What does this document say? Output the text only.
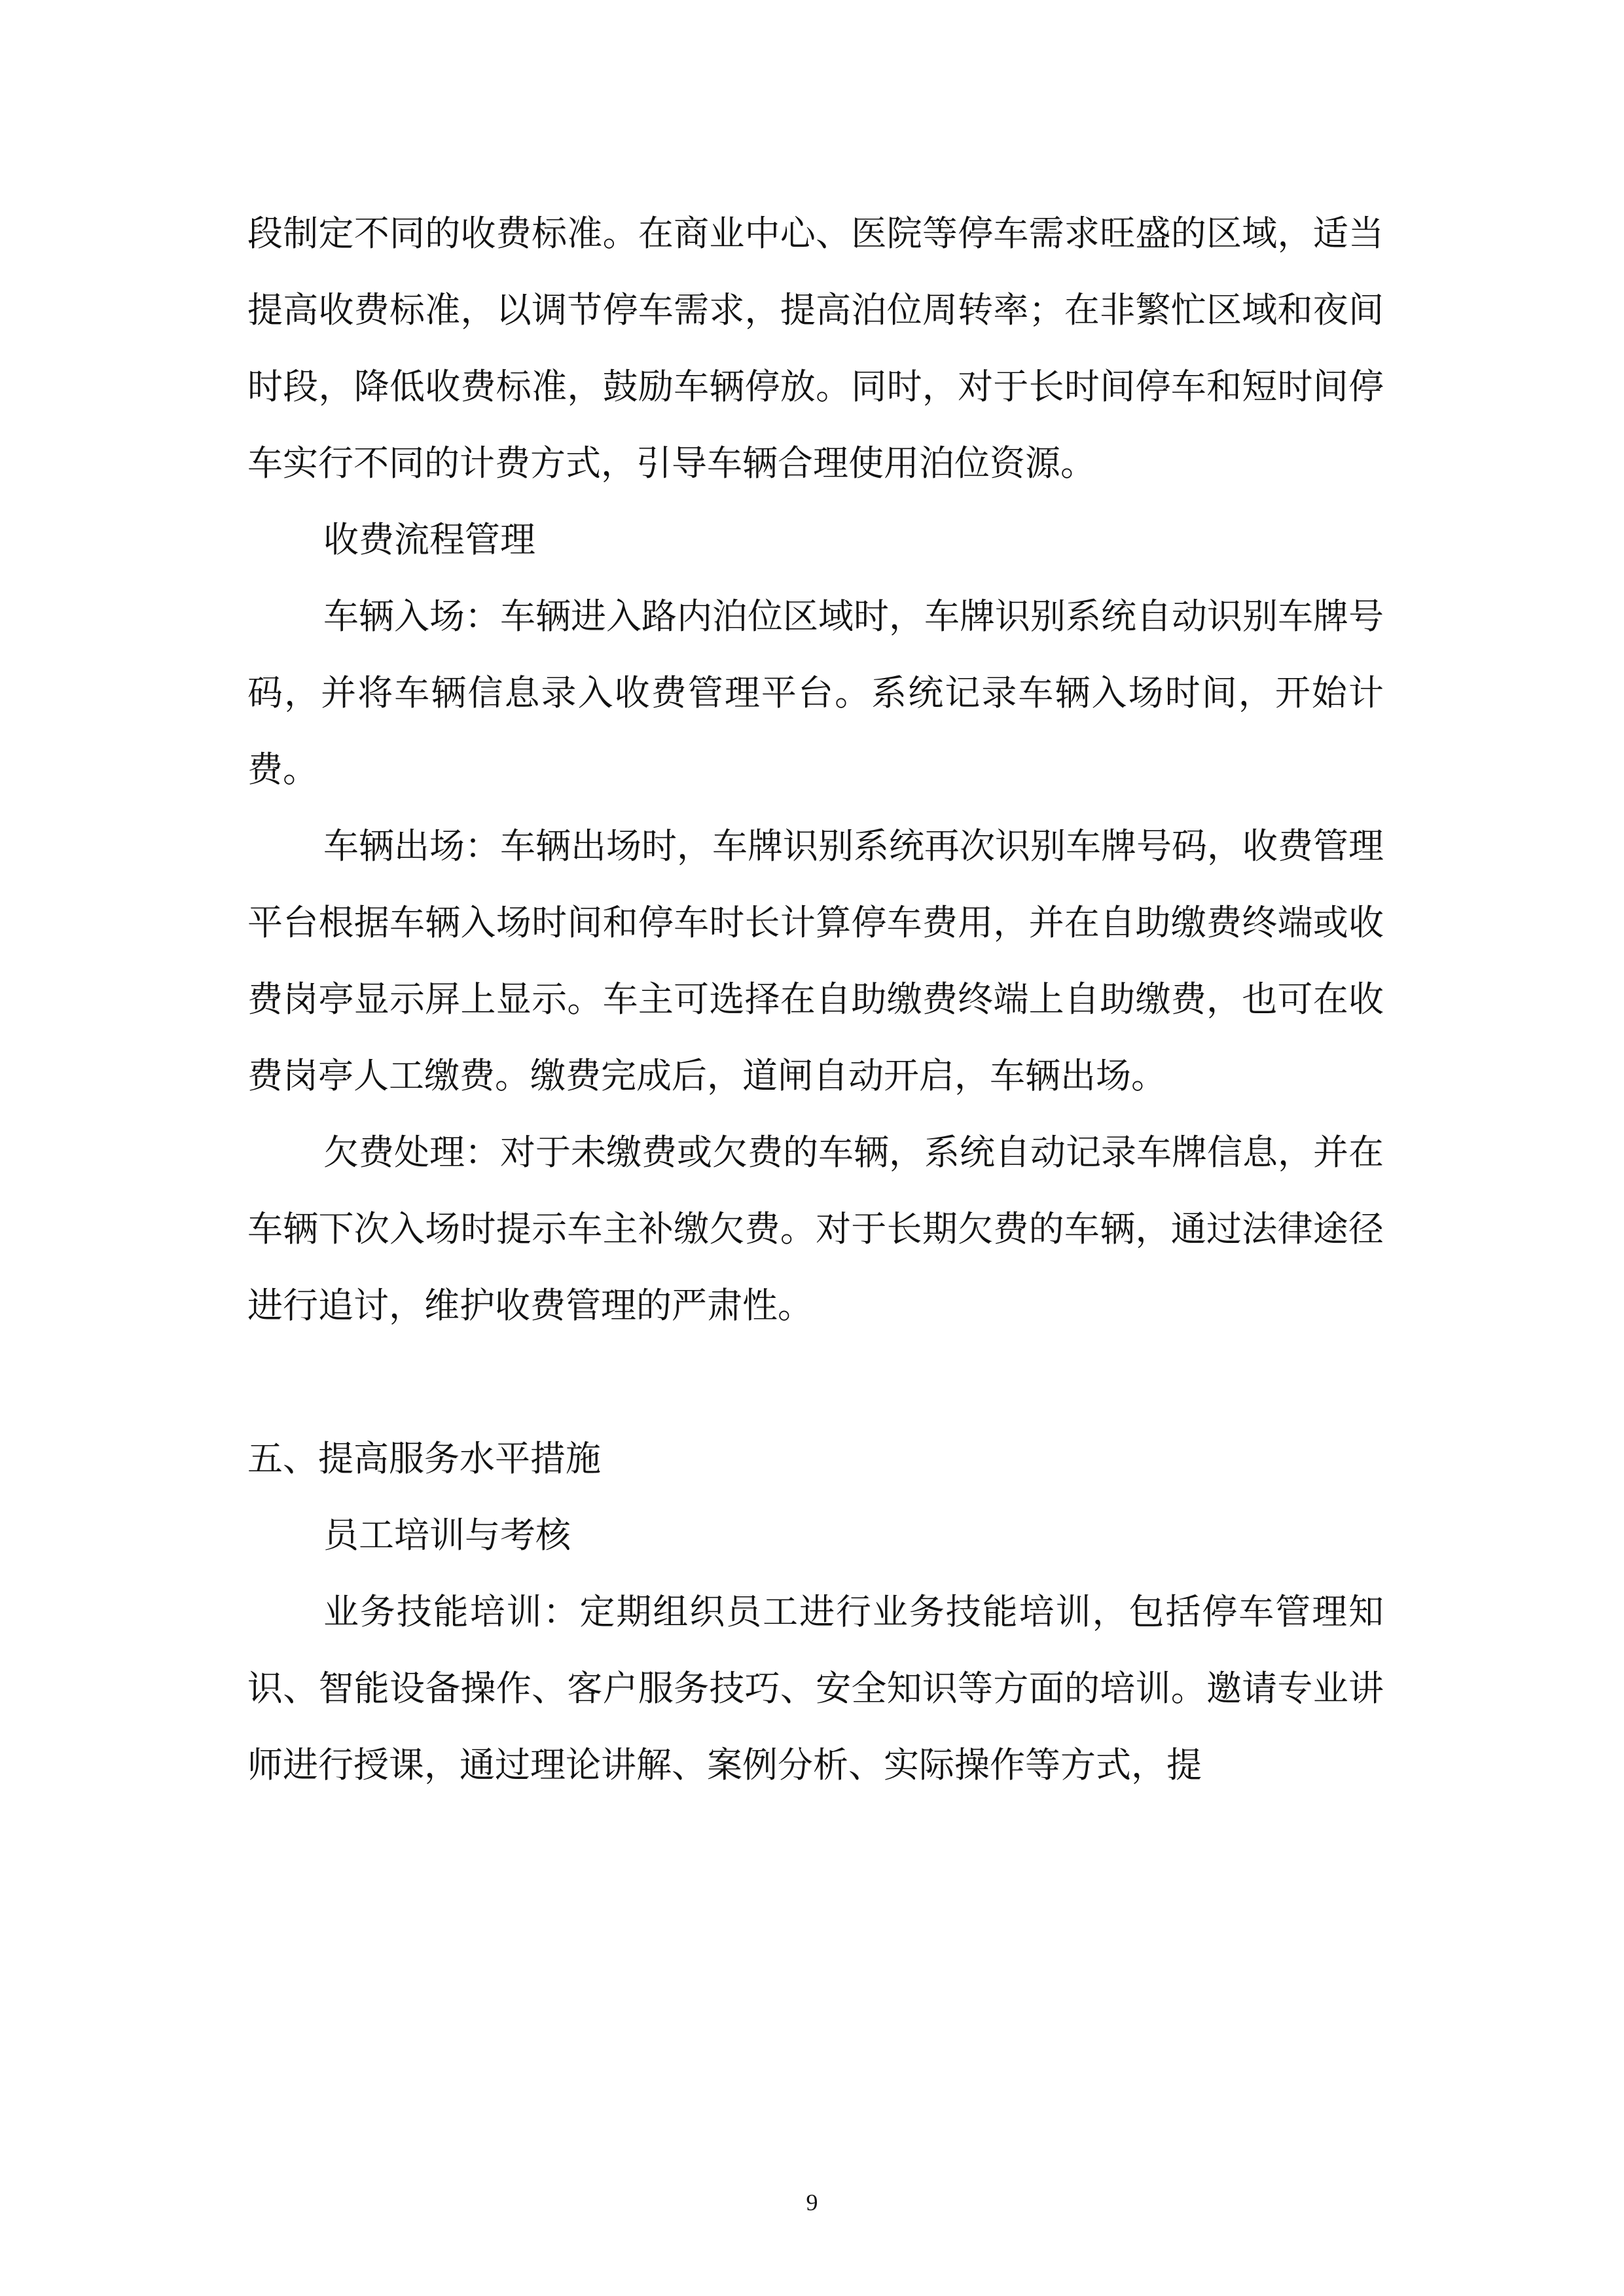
段制定不同的收费标准。在商业中心、医院等停车需求旺盛的区域，适当提高收费标准，以调节停车需求，提高泊位周转率；在非繁忙区域和夜间时段，降低收费标准，鼓励车辆停放。同时，对于长时间停车和短时间停车实行不同的计费方式，引导车辆合理使用泊位资源。

收费流程管理

车辆入场：车辆进入路内泊位区域时，车牌识别系统自动识别车牌号码，并将车辆信息录入收费管理平台。系统记录车辆入场时间，开始计费。

车辆出场：车辆出场时，车牌识别系统再次识别车牌号码，收费管理平台根据车辆入场时间和停车时长计算停车费用，并在自助缴费终端或收费岗亭显示屏上显示。车主可选择在自助缴费终端上自助缴费，也可在收费岗亭人工缴费。缴费完成后，道闸自动开启，车辆出场。

欠费处理：对于未缴费或欠费的车辆，系统自动记录车牌信息，并在车辆下次入场时提示车主补缴欠费。对于长期欠费的车辆，通过法律途径进行追讨，维护收费管理的严肃性。

五、提高服务水平措施

员工培训与考核

业务技能培训：定期组织员工进行业务技能培训，包括停车管理知识、智能设备操作、客户服务技巧、安全知识等方面的培训。邀请专业讲师进行授课，通过理论讲解、案例分析、实际操作等方式，提

9
